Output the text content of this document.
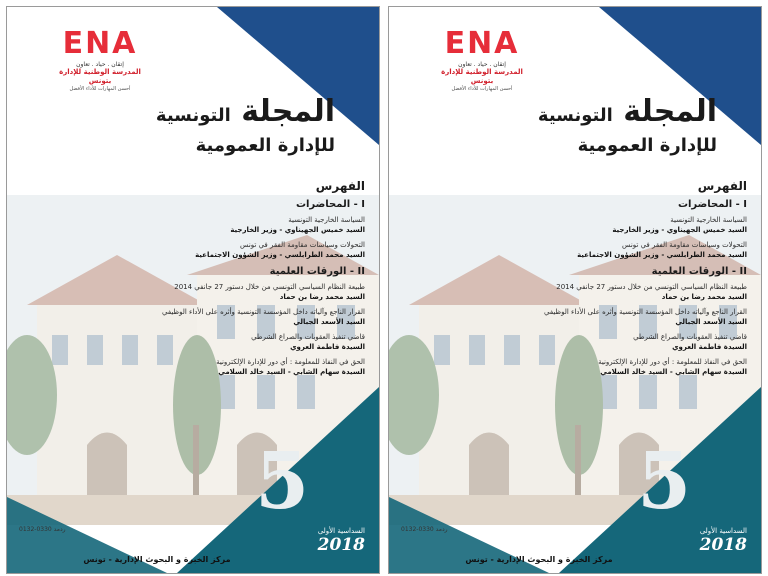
ENA
إتقان . حياد . تعاون
المدرسة الوطنية للإدارة بتونس
أحسن المهارات للأداء الأفضل
المجلة التونسية
للإدارة العمومية
الفهرس
I - المحاضرات
السياسة الخارجية التونسية
السيد خميس الجهيناوي - وزير الخارجية
التحولات وسياسات مقاومة الفقر في تونس
السيد محمد الطرابلسي - وزير الشؤون الاجتماعية
II - الورقات العلمية
طبيعة النظام السياسي التونسي من خلال دستور 27 جانفي 2014
السيد محمد رضا بن حماد
القرار الناجع وآلياته داخل المؤسسة التونسية وأثره على الأداء الوظيفي
السيد الأسعد الجبالي
قاضي تنفيذ العقوبات والصراع الشرطي
السيدة فاطمة العروي
الحق في النفاذ للمعلومة : أي دور للإدارة الإلكترونية
السيدة سهام الشابي - السيد خالد السلامي
5
ردمد 0330-0132	السداسية الأولى
2018
مركز الخبرة و البحوث الإدارية - تونس
ENA
إتقان . حياد . تعاون
المدرسة الوطنية للإدارة بتونس
أحسن المهارات للأداء الأفضل
المجلة التونسية
للإدارة العمومية
الفهرس
I - المحاضرات
السياسة الخارجية التونسية
السيد خميس الجهيناوي - وزير الخارجية
التحولات وسياسات مقاومة الفقر في تونس
السيد محمد الطرابلسي - وزير الشؤون الاجتماعية
II - الورقات العلمية
طبيعة النظام السياسي التونسي من خلال دستور 27 جانفي 2014
السيد محمد رضا بن حماد
القرار الناجع وآلياته داخل المؤسسة التونسية وأثره على الأداء الوظيفي
السيد الأسعد الجبالي
قاضي تنفيذ العقوبات والصراع الشرطي
السيدة فاطمة العروي
الحق في النفاذ للمعلومة : أي دور للإدارة الإلكترونية
السيدة سهام الشابي - السيد خالد السلامي
5
ردمد 0330-0132	السداسية الأولى
2018
مركز الخبرة و البحوث الإدارية - تونس
